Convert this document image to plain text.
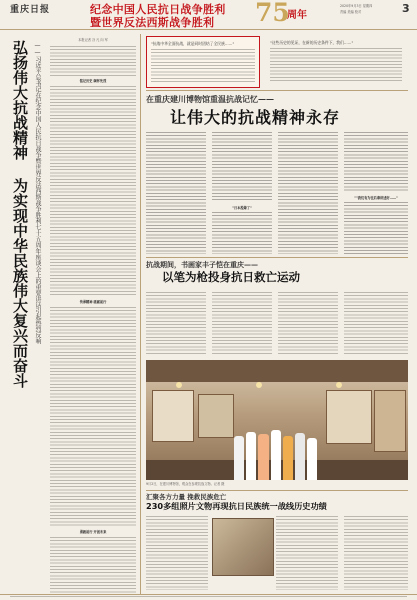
重庆日报	纪念中国人民抗日战争胜利
暨世界反法西斯战争胜利	75
周年
2020年9月3日 星期四
责编 美编 校对	3
弘扬伟大抗战精神 为实现中华民族伟大复兴而奋斗 ——习近平总书记在纪念中国人民抗日战争暨世界反法西斯战争胜利七十五周年座谈会上的重要讲话引起热烈反响
本报记者 谷 凡 向 军
铭记历史 缅怀先烈
传承精神 砥砺前行
勇毅前行 开创未来
"抗战中华全面抗战，就是同时团结了全民族……"	"这些历史的见证，在新的历史条件下，我们……"
在重庆建川博物馆重温抗战记忆——
让伟大的抗战精神永存
"日本投降了"
""我们有为往后辈讲述好……"
抗战期间，书画家丰子恺在重庆——
以笔为枪投身抗日救亡运动
9月2日，在建川博物馆，观众在参观抗战文物。记者 摄
汇聚各方力量 挽救民族危亡
230多组照片文物再现抗日民族统一战线历史功绩
